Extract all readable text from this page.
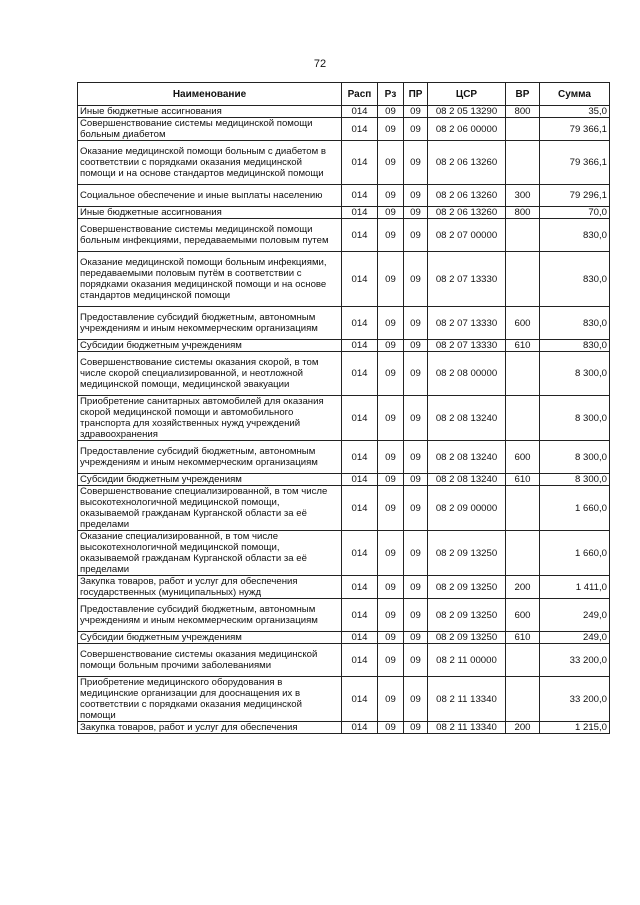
72
Наименование	Расп	Рз	ПР	ЦСР	ВР	Сумма
Иные бюджетные ассигнования	014	09	09	08 2 05 13290	800	35,0
Совершенствование системы медицинской помощи больным диабетом	014	09	09	08 2 06 00000		79 366,1
Оказание медицинской помощи больным с диабетом в соответствии с порядками оказания медицинской помощи и на основе стандартов медицинской помощи	014	09	09	08 2 06 13260		79 366,1
Социальное обеспечение и иные выплаты населению	014	09	09	08 2 06 13260	300	79 296,1
Иные бюджетные ассигнования	014	09	09	08 2 06 13260	800	70,0
Совершенствование системы медицинской помощи больным инфекциями, передаваемыми половым путем	014	09	09	08 2 07 00000		830,0
Оказание медицинской помощи больным инфекциями, передаваемыми половым путём в соответствии с порядками оказания медицинской помощи и на основе стандартов медицинской помощи	014	09	09	08 2 07 13330		830,0
Предоставление субсидий бюджетным, автономным учреждениям и иным некоммерческим организациям	014	09	09	08 2 07 13330	600	830,0
Субсидии бюджетным учреждениям	014	09	09	08 2 07 13330	610	830,0
Совершенствование системы оказания скорой, в том числе скорой специализированной, и неотложной медицинской помощи, медицинской эвакуации	014	09	09	08 2 08 00000		8 300,0
Приобретение санитарных автомобилей для оказания скорой медицинской помощи и автомобильного транспорта для хозяйственных нужд учреждений здравоохранения	014	09	09	08 2 08 13240		8 300,0
Предоставление субсидий бюджетным, автономным учреждениям и иным некоммерческим организациям	014	09	09	08 2 08 13240	600	8 300,0
Субсидии бюджетным учреждениям	014	09	09	08 2 08 13240	610	8 300,0
Совершенствование специализированной, в том числе высокотехнологичной медицинской помощи, оказываемой гражданам Курганской области за её пределами	014	09	09	08 2 09 00000		1 660,0
Оказание специализированной, в том числе высокотехнологичной медицинской помощи, оказываемой гражданам Курганской области за её пределами	014	09	09	08 2 09 13250		1 660,0
Закупка товаров, работ и услуг для обеспечения государственных (муниципальных) нужд	014	09	09	08 2 09 13250	200	1 411,0
Предоставление субсидий бюджетным, автономным учреждениям и иным некоммерческим организациям	014	09	09	08 2 09 13250	600	249,0
Субсидии бюджетным учреждениям	014	09	09	08 2 09 13250	610	249,0
Совершенствование системы оказания медицинской помощи больным прочими заболеваниями	014	09	09	08 2 11 00000		33 200,0
Приобретение медицинского оборудования в медицинские организации для дооснащения их в соответствии с порядками оказания медицинской помощи	014	09	09	08 2 11 13340		33 200,0
Закупка товаров, работ и услуг для обеспечения	014	09	09	08 2 11 13340	200	1 215,0
